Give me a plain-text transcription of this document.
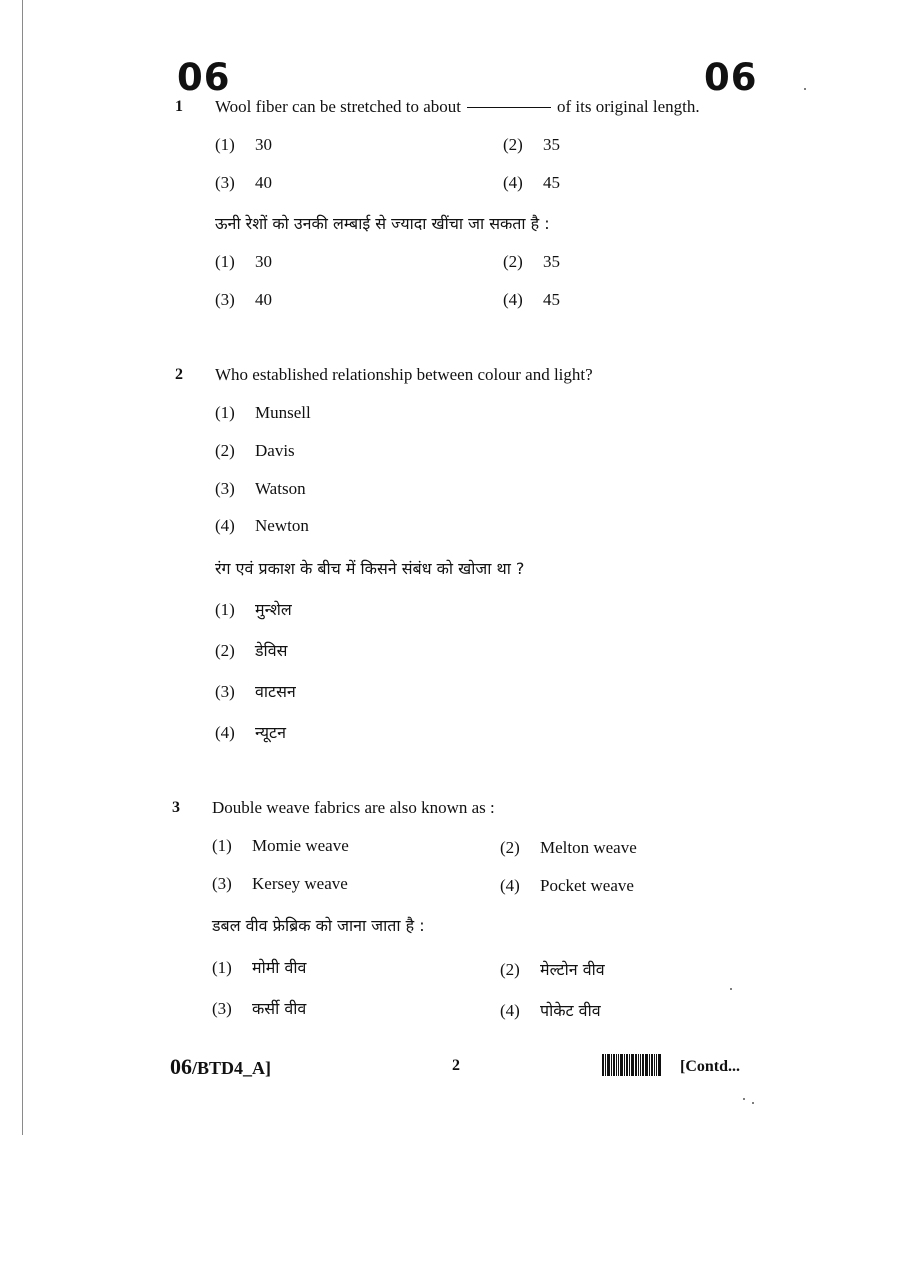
06	06
1 Wool fiber can be stretched to about	of its original length.
(1) 30	(2) 35
(3) 40	(4) 45
ऊनी रेशों को उनकी लम्बाई से ज्यादा खींचा जा सकता है :
(1) 30	(2) 35
(3) 40	(4) 45
2 Who established relationship between colour and light?
(1) Munsell
(2) Davis
(3) Watson
(4) Newton
रंग एवं प्रकाश के बीच में किसने संबंध को खोजा था ?
(1) मुन्शेल
(2) डेविस
(3) वाटसन
(4) न्यूटन
3 Double weave fabrics are also known as :
(1) Momie weave	(2) Melton weave
(3) Kersey weave	(4) Pocket weave
डबल वीव फ्रेब्रिक को जाना जाता है :
(1) मोमी वीव	(2) मेल्टोन वीव
(3) कर्सी वीव	(4) पोकेट वीव
06/BTD4_A]	2	[Contd...
